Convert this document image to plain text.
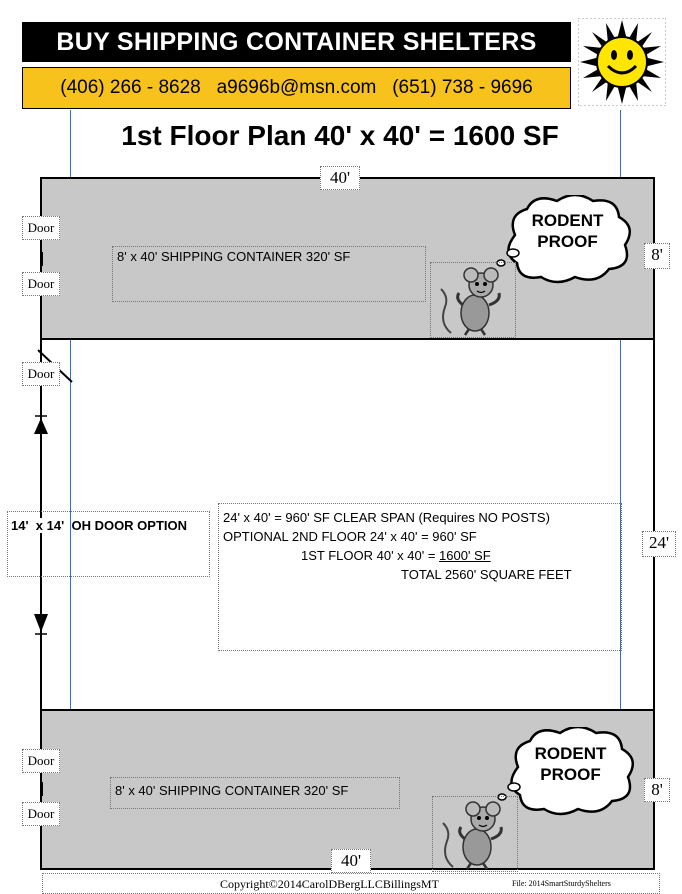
BUY SHIPPING CONTAINER SHELTERS
(406) 266 - 8628 a9696b@msn.com (651) 738 - 9696
1st Floor Plan 40' x 40' = 1600 SF
40'
40'
8'
24'
8'
Door
Door
Door
Door
Door
14' x 14' OH DOOR OPTION
8' x 40' SHIPPING CONTAINER 320' SF
8' x 40' SHIPPING CONTAINER 320' SF
RODENT
PROOF
RODENT
PROOF
24' x 40' = 960' SF CLEAR SPAN (Requires NO POSTS)
OPTIONAL 2ND FLOOR 24' x 40' = 960' SF
1ST FLOOR 40' x 40' = 1600' SF
TOTAL 2560' SQUARE FEET
Copyright©2014CarolDBergLLCBillingsMT	File: 2014SmartSturdyShelters
